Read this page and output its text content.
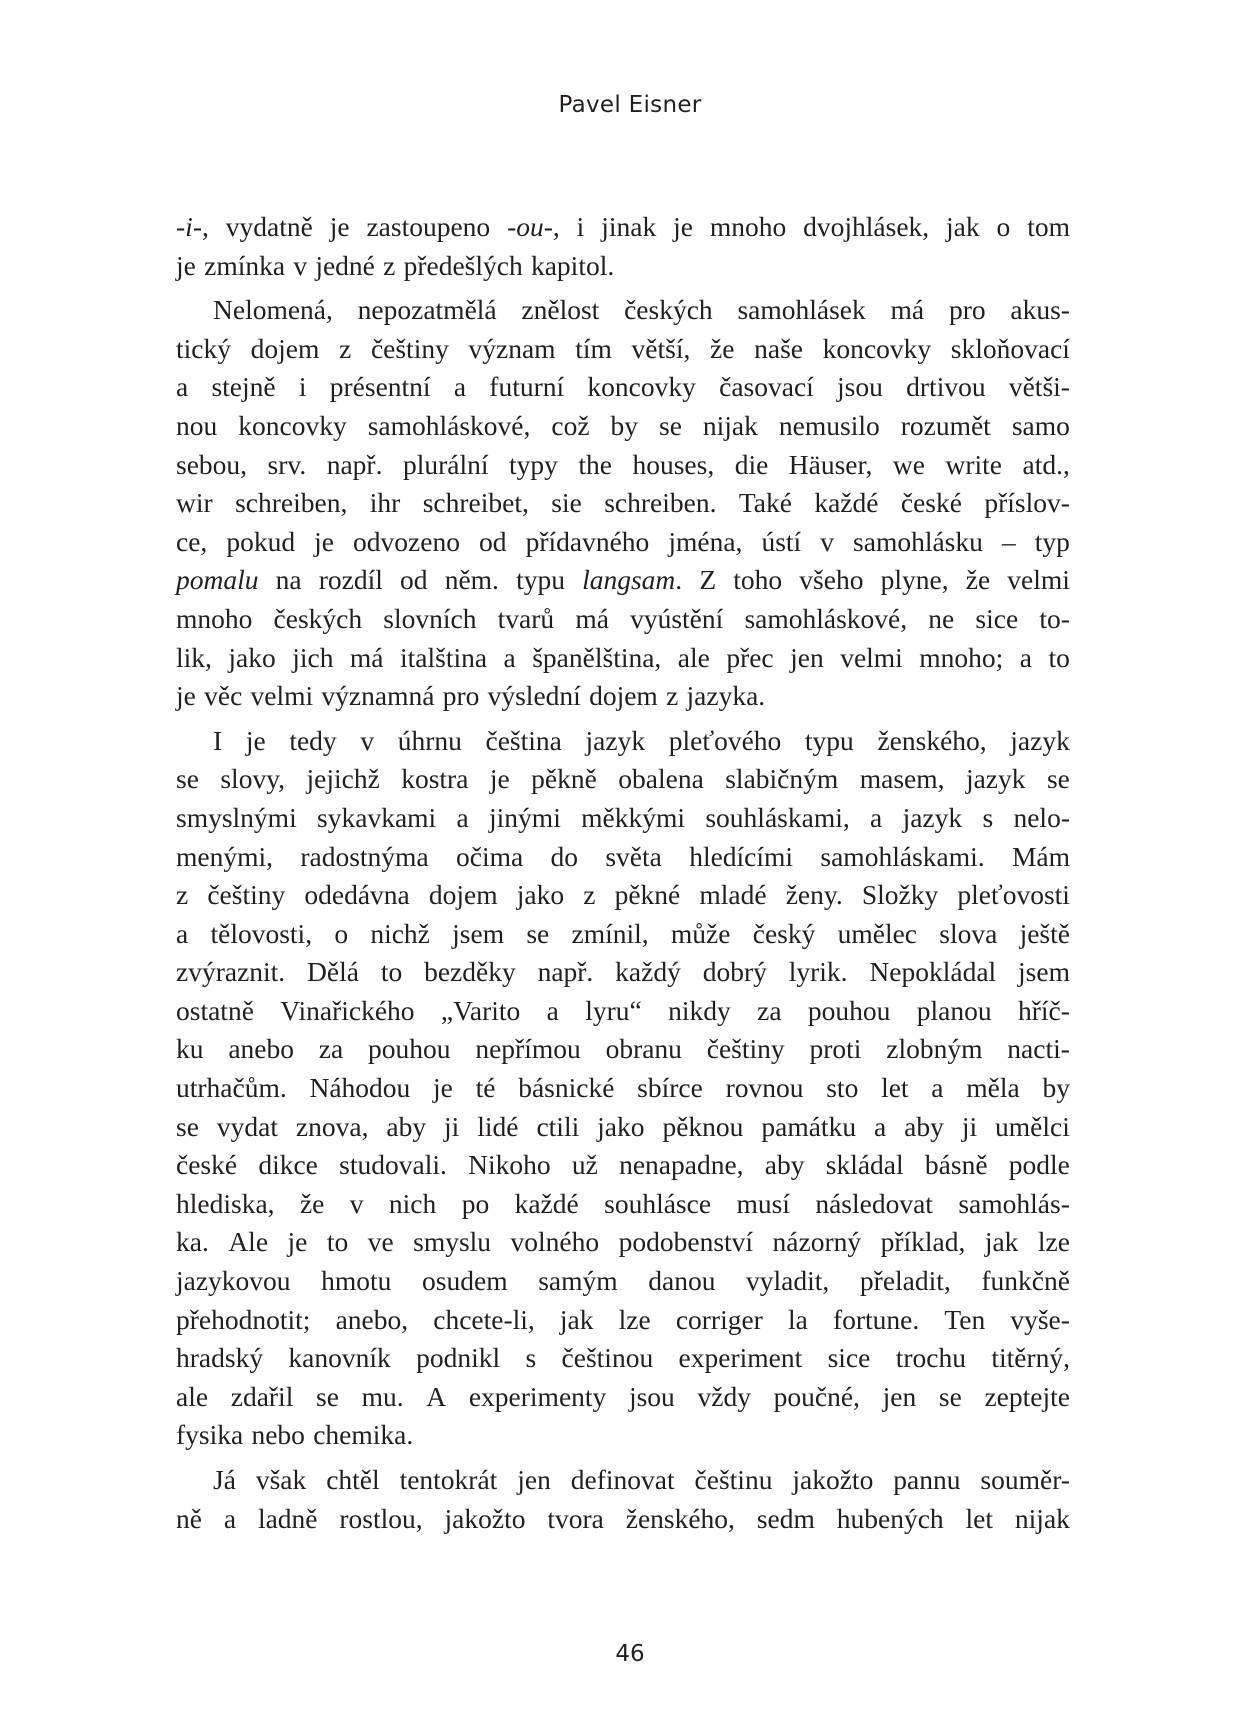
Pavel Eisner
-i-, vydatně je zastoupeno -ou-, i jinak je mnoho dvojhlásek, jak o tom
je zmínka v jedné z předešlých kapitol.
Nelomená, nepozatmělá znělost českých samohlásek má pro akus-
tický dojem z češtiny význam tím větší, že naše koncovky skloňovací
a stejně i présentní a futurní koncovky časovací jsou drtivou větši-
nou koncovky samohláskové, což by se nijak nemusilo rozumět samo
sebou, srv. např. plurální typy the houses, die Häuser, we write atd.,
wir schreiben, ihr schreibet, sie schreiben. Také každé české příslov-
ce, pokud je odvozeno od přídavného jména, ústí v samohlásku – typ
pomalu na rozdíl od něm. typu langsam. Z toho všeho plyne, že velmi
mnoho českých slovních tvarů má vyústění samohláskové, ne sice to-
lik, jako jich má italština a španělština, ale přec jen velmi mnoho; a to
je věc velmi významná pro výslední dojem z jazyka.
I je tedy v úhrnu čeština jazyk pleťového typu ženského, jazyk
se slovy, jejichž kostra je pěkně obalena slabičným masem, jazyk se
smyslnými sykavkami a jinými měkkými souhláskami, a jazyk s nelo-
menými, radostnýma očima do světa hledícími samohláskami. Mám
z češtiny odedávna dojem jako z pěkné mladé ženy. Složky pleťovosti
a tělovosti, o nichž jsem se zmínil, může český umělec slova ještě
zvýraznit. Dělá to bezděky např. každý dobrý lyrik. Nepokládal jsem
ostatně Vinařického „Varito a lyru“ nikdy za pouhou planou hříč-
ku anebo za pouhou nepřímou obranu češtiny proti zlobným nacti-
utrhačům. Náhodou je té básnické sbírce rovnou sto let a měla by
se vydat znova, aby ji lidé ctili jako pěknou památku a aby ji umělci
české dikce studovali. Nikoho už nenapadne, aby skládal básně podle
hlediska, že v nich po každé souhlásce musí následovat samohlás-
ka. Ale je to ve smyslu volného podobenství názorný příklad, jak lze
jazykovou hmotu osudem samým danou vyladit, přeladit, funkčně
přehodnotit; anebo, chcete-li, jak lze corriger la fortune. Ten vyše-
hradský kanovník podnikl s češtinou experiment sice trochu titěrný,
ale zdařil se mu. A experimenty jsou vždy poučné, jen se zeptejte
fysika nebo chemika.
Já však chtěl tentokrát jen definovat češtinu jakožto pannu souměr-
ně a ladně rostlou, jakožto tvora ženského, sedm hubených let nijak
46
